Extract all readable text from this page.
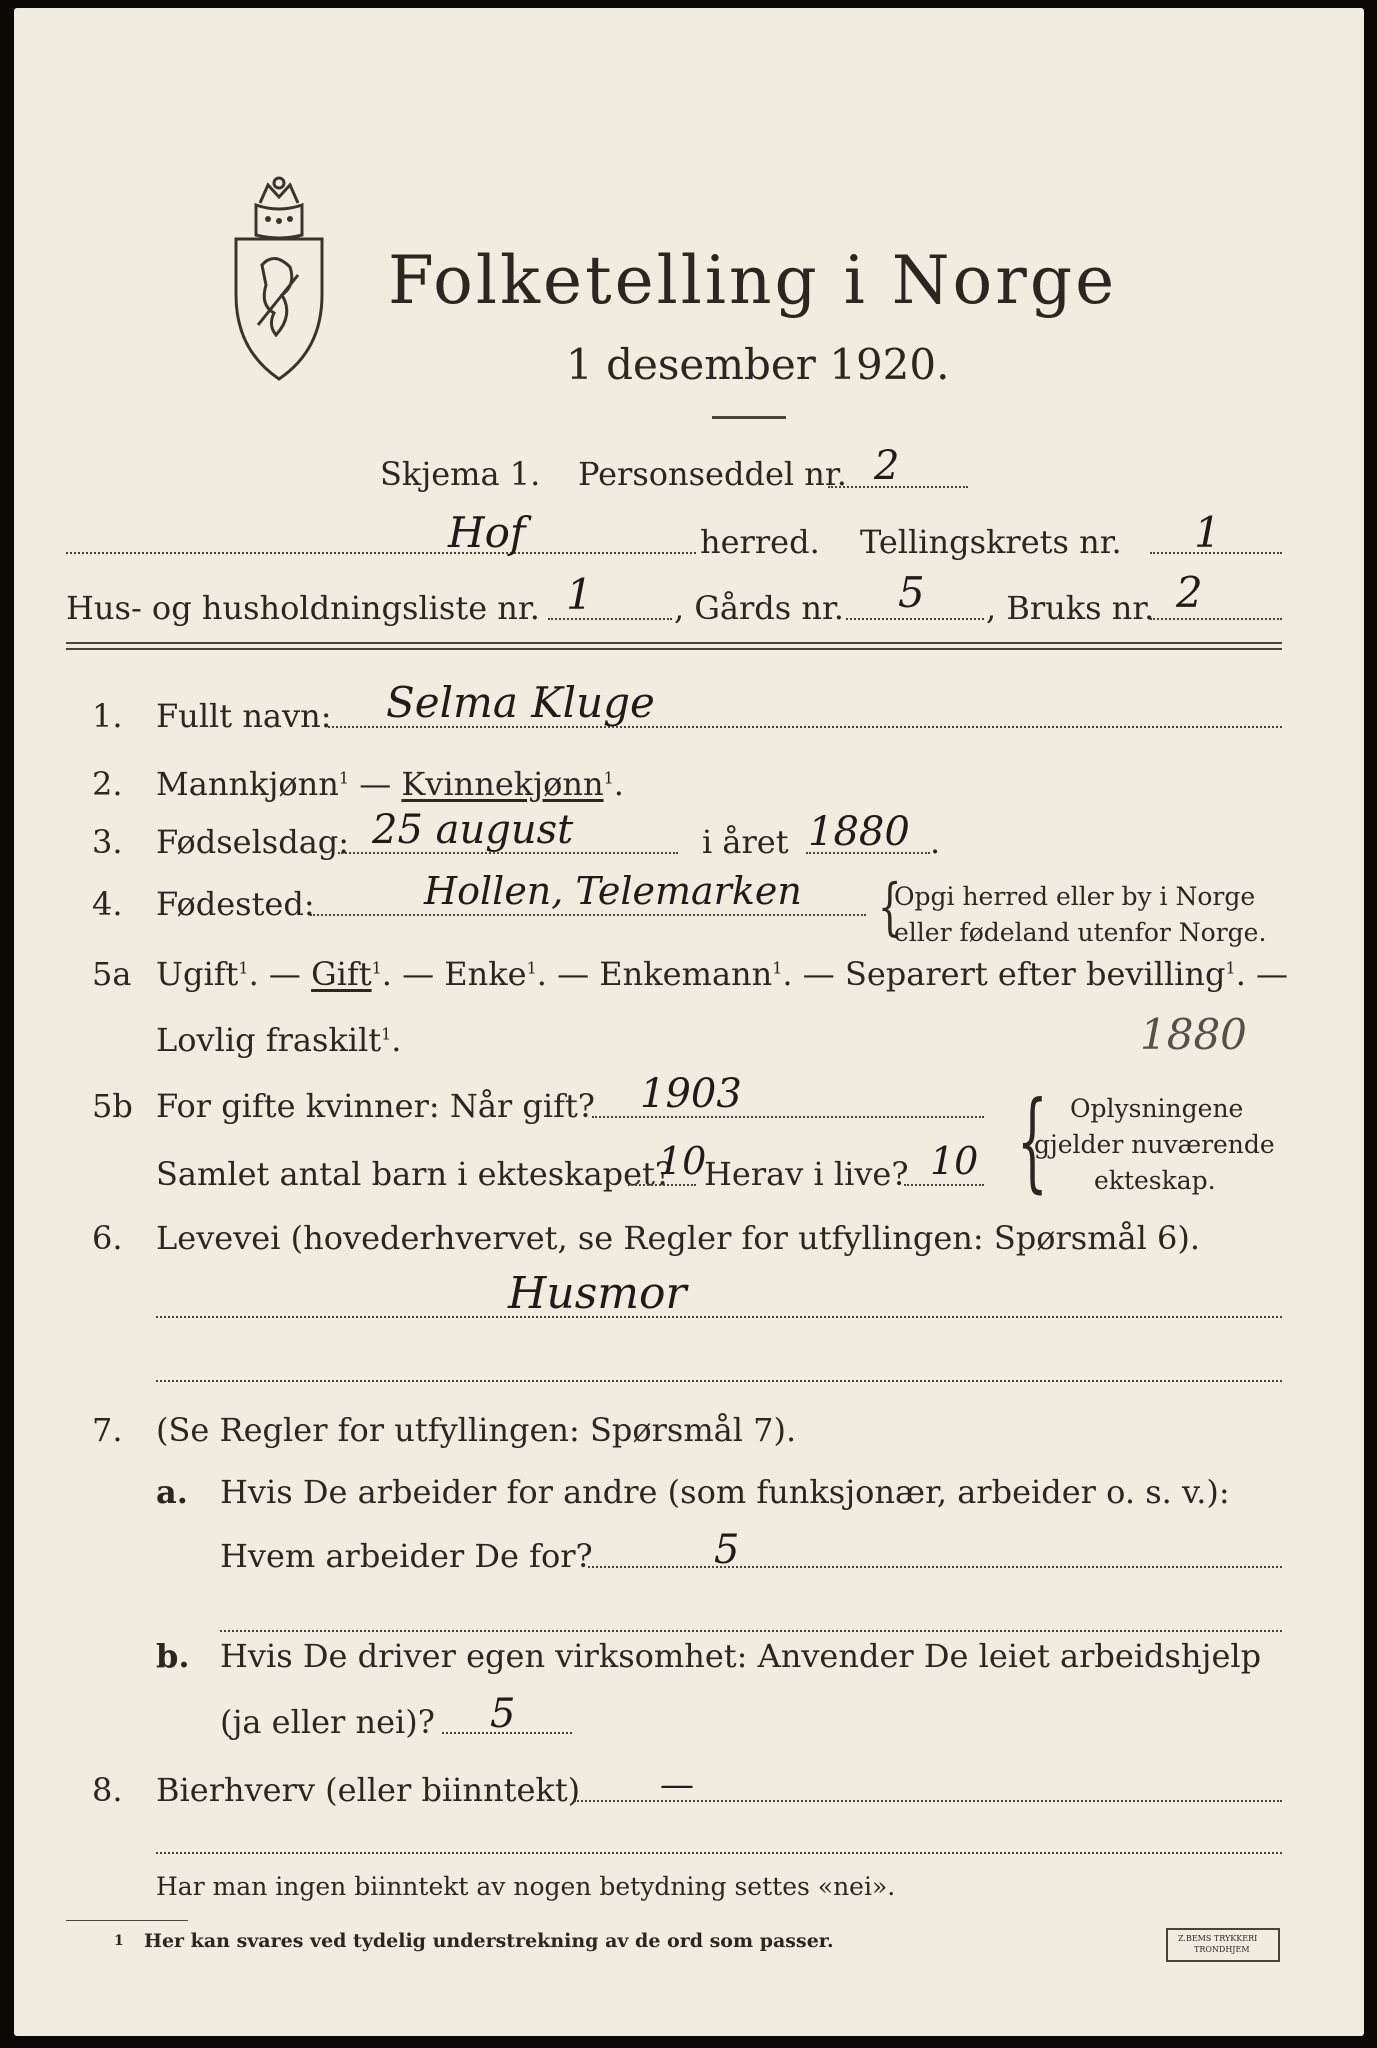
Folketelling i Norge
1 desember 1920.
Skjema 1. Personseddel nr. 2
Hof	herred. Tellingskrets nr. 1
Hus- og husholdningsliste nr. 1	, Gårds nr. 5 , Bruks nr. 2
1. Fullt navn: Selma Kluge
2. Mannkjønn$^1$ — Kvinnekjønn$^1$.
3. Fødselsdag: 25 august	i året 1880 .
4. Fødested:	Hollen, Telemarken {
Opgi herred eller by i Norge
eller fødeland utenfor Norge.
5a Ugift$^1$. — Gift$^1$. — Enke$^1$. — Enkemann$^1$. — Separert efter bevilling$^1$. —
Lovlig fraskilt$^1$.	1880
5b For gifte kvinner: Når gift? 1903
Samlet antal barn i ekteskapet?
10
Herav i live? 10 { Oplysningene
gjelder nuværende
ekteskap.
6. Levevei (hovederhvervet, se Regler for utfyllingen: Spørsmål 6).
Husmor
7. (Se Regler for utfyllingen: Spørsmål 7).
a. Hvis De arbeider for andre (som funksjonær, arbeider o. s. v.):
Hvem arbeider De for?	5
b. Hvis De driver egen virksomhet: Anvender De leiet arbeidshjelp
(ja eller nei)? 5
8. Bierhverv (eller biinntekt) —
Har man ingen biinntekt av nogen betydning settes «nei».
1 Her kan svares ved tydelig understrekning av de ord som passer.	Z.BEMS TRYKKERI
TRONDHJEM
